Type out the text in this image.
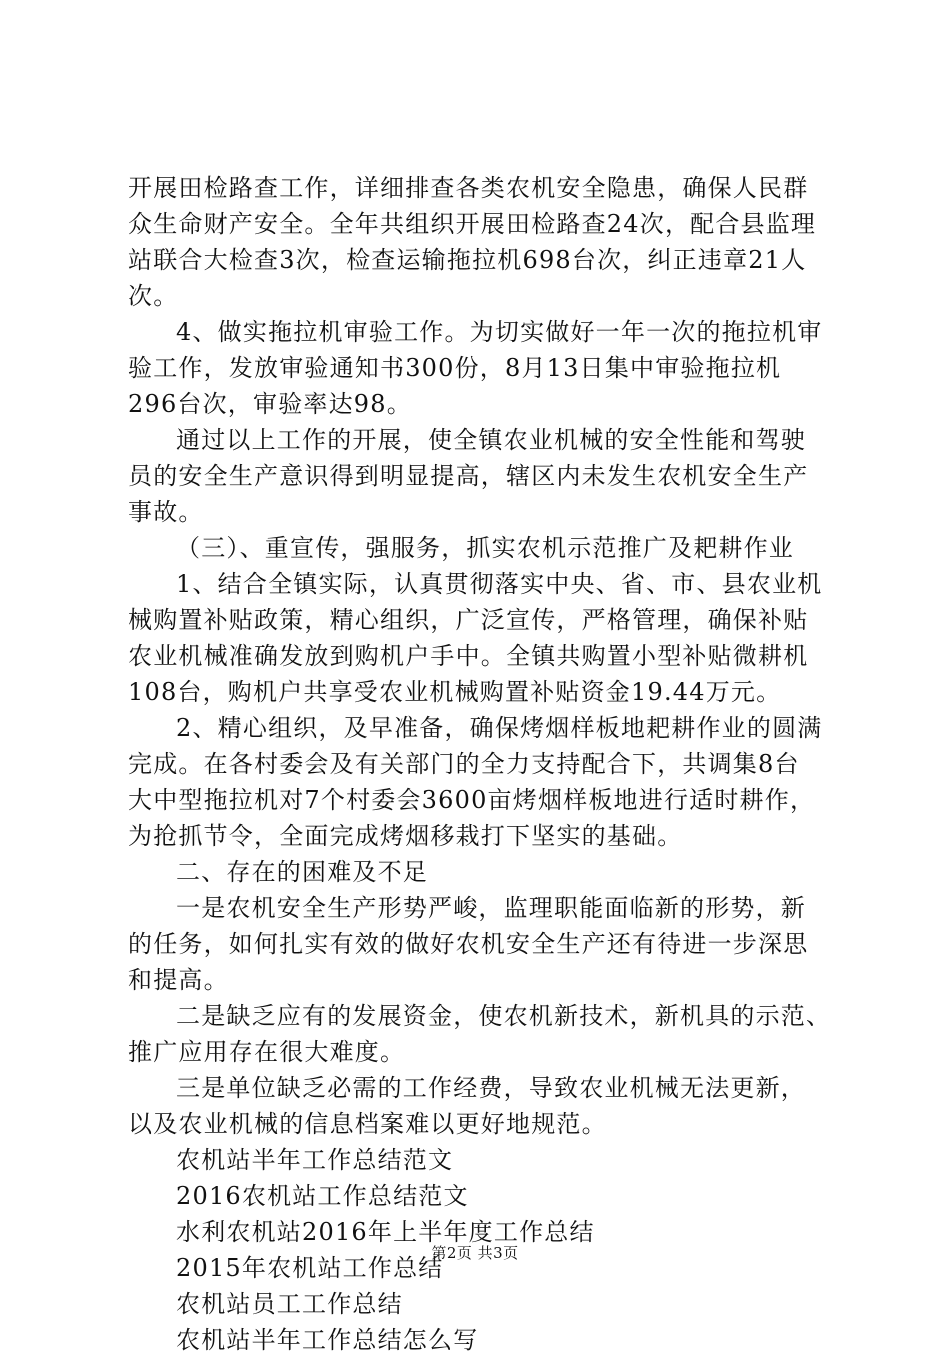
开展田检路查工作，详细排查各类农机安全隐患，确保人民群
众生命财产安全。全年共组织开展田检路查24次，配合县监理
站联合大检查3次，检查运输拖拉机698台次，纠正违章21人
次。
4、做实拖拉机审验工作。为切实做好一年一次的拖拉机审
验工作，发放审验通知书300份，8月13日集中审验拖拉机
296台次，审验率达98。
通过以上工作的开展，使全镇农业机械的安全性能和驾驶
员的安全生产意识得到明显提高，辖区内未发生农机安全生产
事故。
（三）、重宣传，强服务，抓实农机示范推广及耙耕作业
1、结合全镇实际，认真贯彻落实中央、省、市、县农业机
械购置补贴政策，精心组织，广泛宣传，严格管理，确保补贴
农业机械准确发放到购机户手中。全镇共购置小型补贴微耕机
108台，购机户共享受农业机械购置补贴资金19.44万元。
2、精心组织，及早准备，确保烤烟样板地耙耕作业的圆满
完成。在各村委会及有关部门的全力支持配合下，共调集8台
大中型拖拉机对7个村委会3600亩烤烟样板地进行适时耕作，
为抢抓节令，全面完成烤烟移栽打下坚实的基础。
二、存在的困难及不足
一是农机安全生产形势严峻，监理职能面临新的形势，新
的任务，如何扎实有效的做好农机安全生产还有待进一步深思
和提高。
二是缺乏应有的发展资金，使农机新技术，新机具的示范、
推广应用存在很大难度。
三是单位缺乏必需的工作经费，导致农业机械无法更新，
以及农业机械的信息档案难以更好地规范。
农机站半年工作总结范文
2016农机站工作总结范文
水利农机站2016年上半年度工作总结
2015年农机站工作总结
农机站员工工作总结
农机站半年工作总结怎么写
第2页 共3页
